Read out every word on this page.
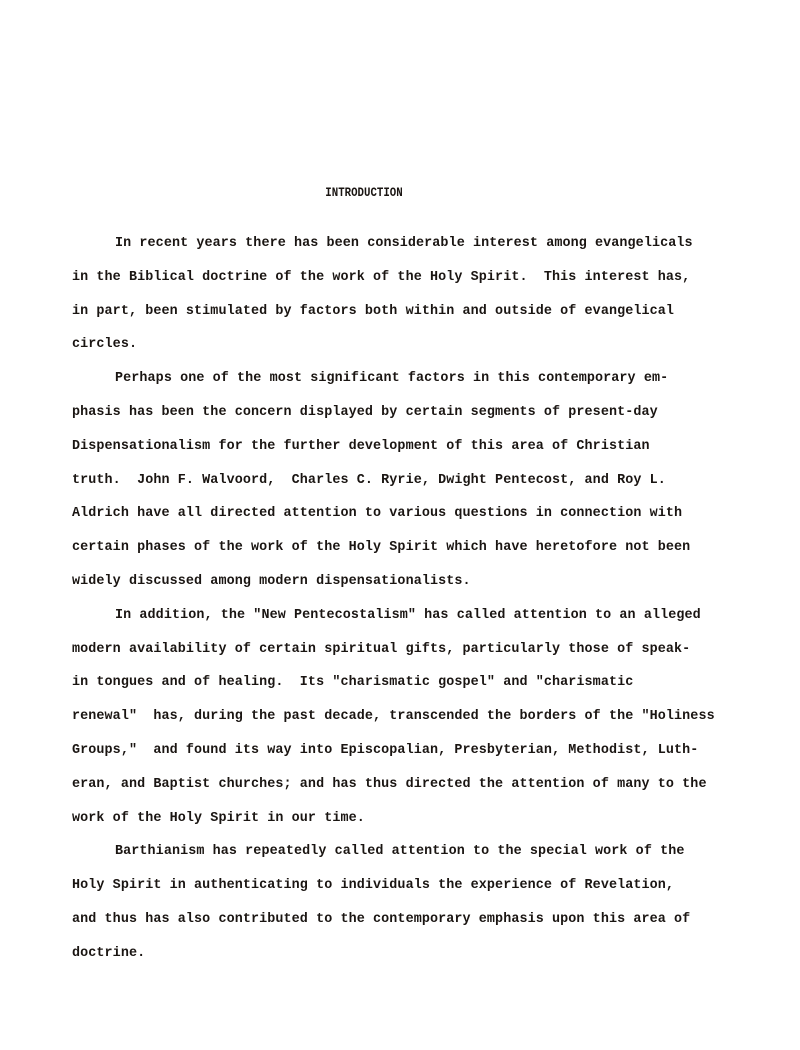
INTRODUCTION
In recent years there has been considerable interest among evangelicals
in the Biblical doctrine of the work of the Holy Spirit.  This interest has,
in part, been stimulated by factors both within and outside of evangelical
circles.
Perhaps one of the most significant factors in this contemporary em-
phasis has been the concern displayed by certain segments of present-day
Dispensationalism for the further development of this area of Christian
truth.  John F. Walvoord,  Charles C. Ryrie, Dwight Pentecost, and Roy L.
Aldrich have all directed attention to various questions in connection with
certain phases of the work of the Holy Spirit which have heretofore not been
widely discussed among modern dispensationalists.
In addition, the "New Pentecostalism" has called attention to an alleged
modern availability of certain spiritual gifts, particularly those of speak-
in tongues and of healing.  Its "charismatic gospel" and "charismatic
renewal"  has, during the past decade, transcended the borders of the "Holiness
Groups,"  and found its way into Episcopalian, Presbyterian, Methodist, Luth-
eran, and Baptist churches; and has thus directed the attention of many to the
work of the Holy Spirit in our time.
Barthianism has repeatedly called attention to the special work of the
Holy Spirit in authenticating to individuals the experience of Revelation,
and thus has also contributed to the contemporary emphasis upon this area of
doctrine.
